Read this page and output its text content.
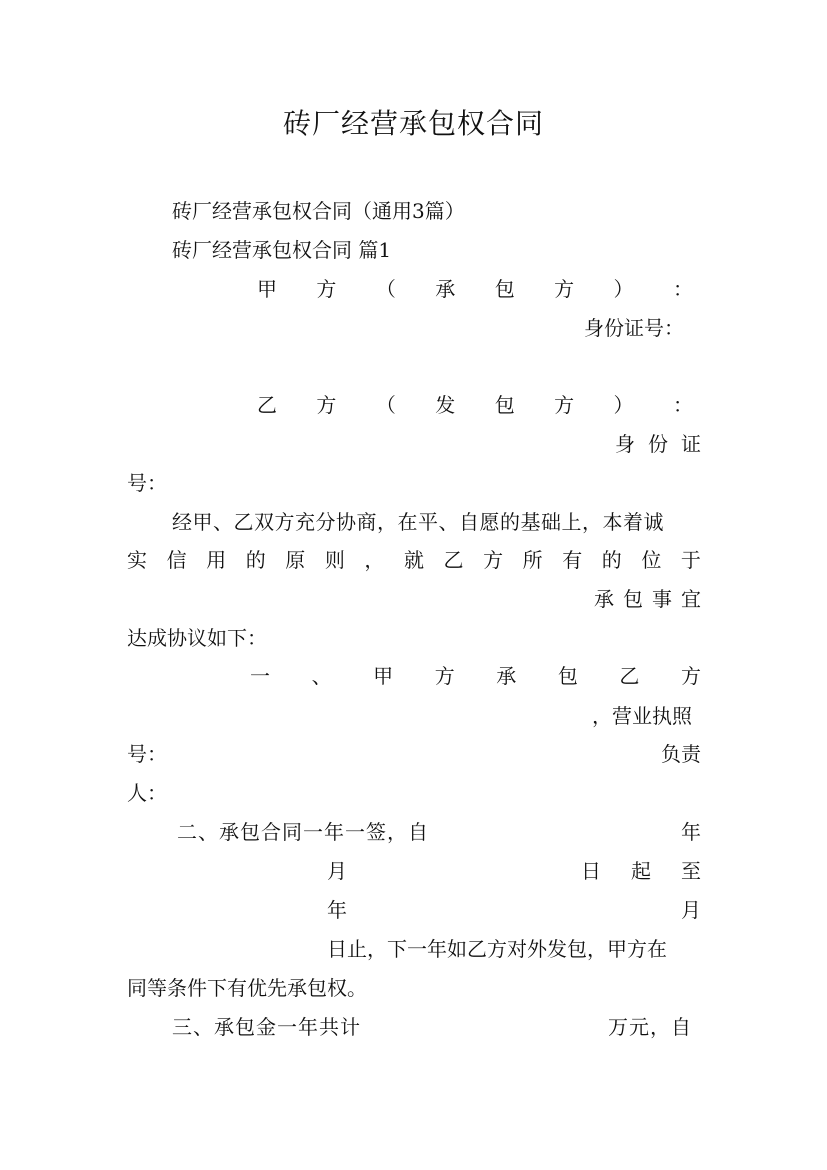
砖厂经营承包权合同
砖厂经营承包权合同（通用3篇）
砖厂经营承包权合同 篇1
甲 方 （ 承 包 方 ） ：
身份证号：
乙 方 （ 发 包 方 ） ：
身 份 证
号：
经甲、乙双方充分协商，在平、自愿的基础上，本着诚
实 信 用 的 原 则 ， 就 乙 方 所 有 的 位 于
承 包 事 宜
达成协议如下：
一 、 甲 方 承 包 乙 方
，营业执照
号：	负责
人：
二、承包合同一年一签，自	年
月	日 起 至
年	月
日止，下一年如乙方对外发包，甲方在
同等条件下有优先承包权。
三、承包金一年共计	万元，自
